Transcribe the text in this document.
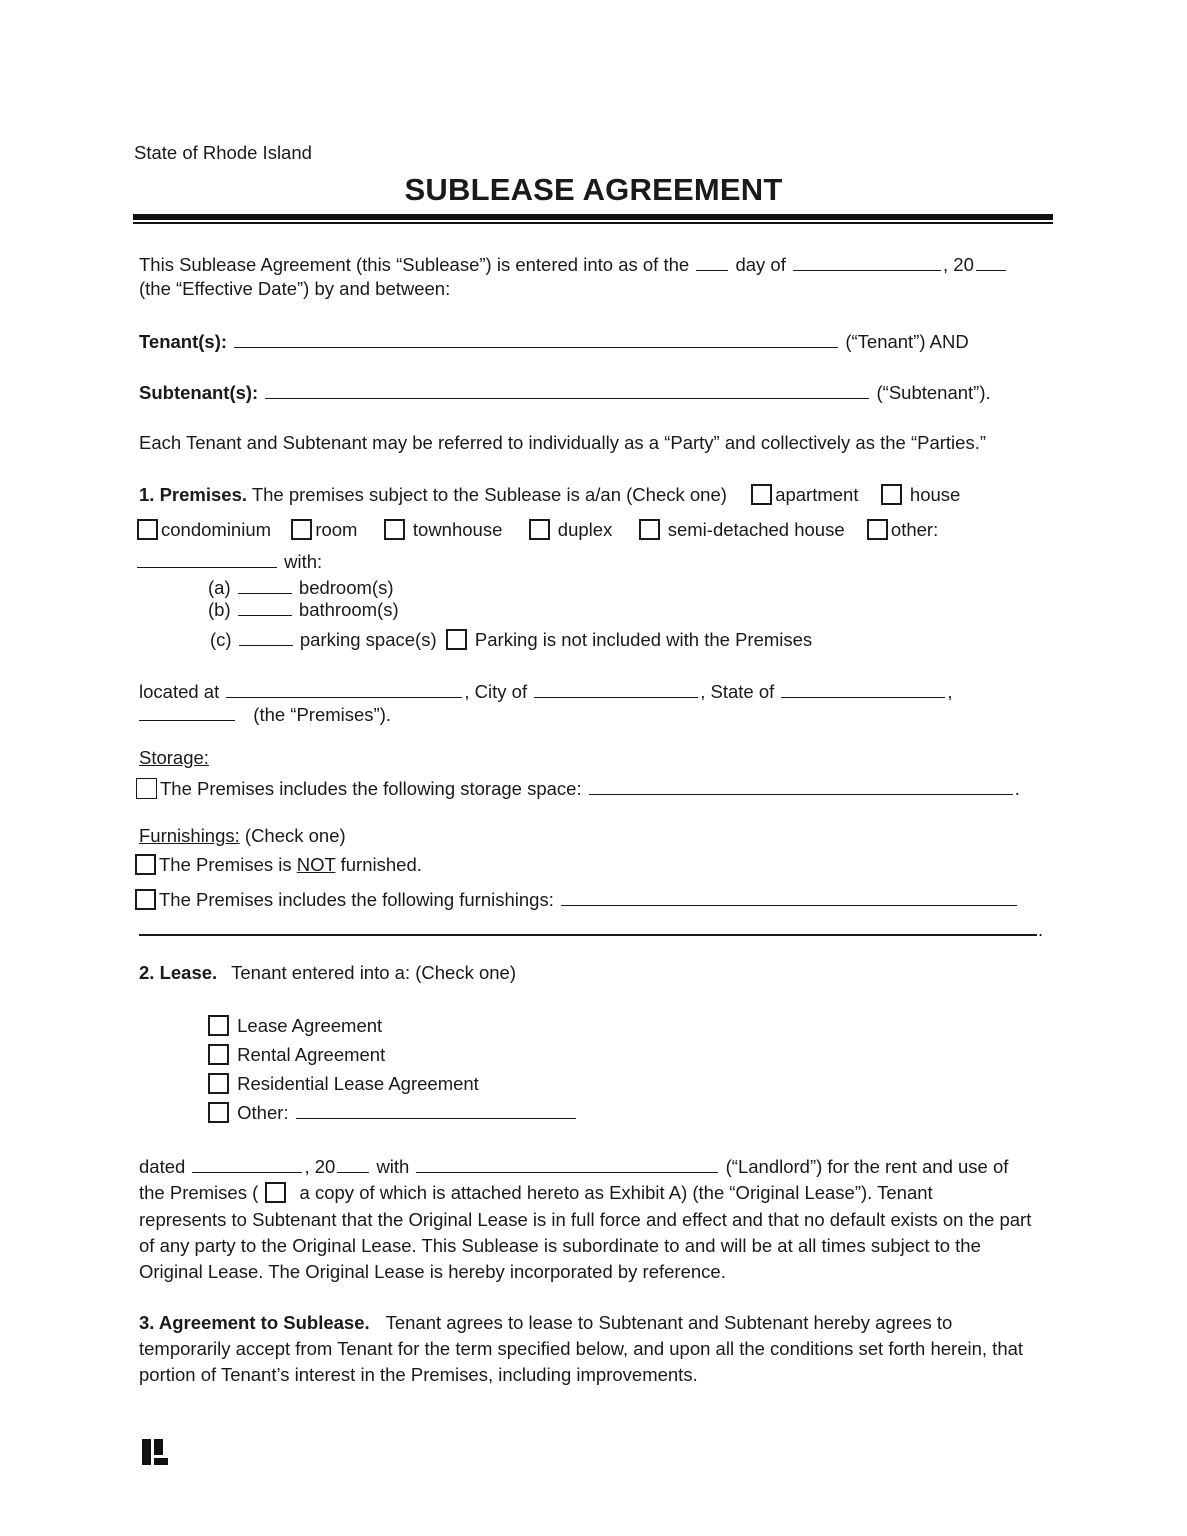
State of Rhode Island
SUBLEASE AGREEMENT
This Sublease Agreement (this “Sublease”) is entered into as of the	day of	, 20
(the “Effective Date”) by and between:
Tenant(s):	(“Tenant”) AND
Subtenant(s):	(“Subtenant”).
Each Tenant and Subtenant may be referred to individually as a “Party” and collectively as the “Parties.”
1. Premises. The premises subject to the Sublease is a/an (Check one)	apartment	house
condominium room	townhouse	duplex	semi-detached house	other:
with:
(a)	bedroom(s)
(b)	bathroom(s)
(c)	parking space(s) Parking is not included with the Premises
located at	, City of	, State of	,
(the “Premises”).
Storage:
The Premises includes the following storage space:	.
Furnishings: (Check one)
The Premises is NOT furnished.
The Premises includes the following furnishings:
.
2. Lease. Tenant entered into a: (Check one)
Lease Agreement
Rental Agreement
Residential Lease Agreement
Other:
dated	, 20 with	(“Landlord”) for the rent and use of
the Premises ( a copy of which is attached hereto as Exhibit A) (the “Original Lease”). Tenant
represents to Subtenant that the Original Lease is in full force and effect and that no default exists on the part of any party to the Original Lease. This Sublease is subordinate to and will be at all times subject to the Original Lease. The Original Lease is hereby incorporated by reference.
3. Agreement to Sublease. Tenant agrees to lease to Subtenant and Subtenant hereby agrees to temporarily accept from Tenant for the term specified below, and upon all the conditions set forth herein, that portion of Tenant’s interest in the Premises, including improvements.
